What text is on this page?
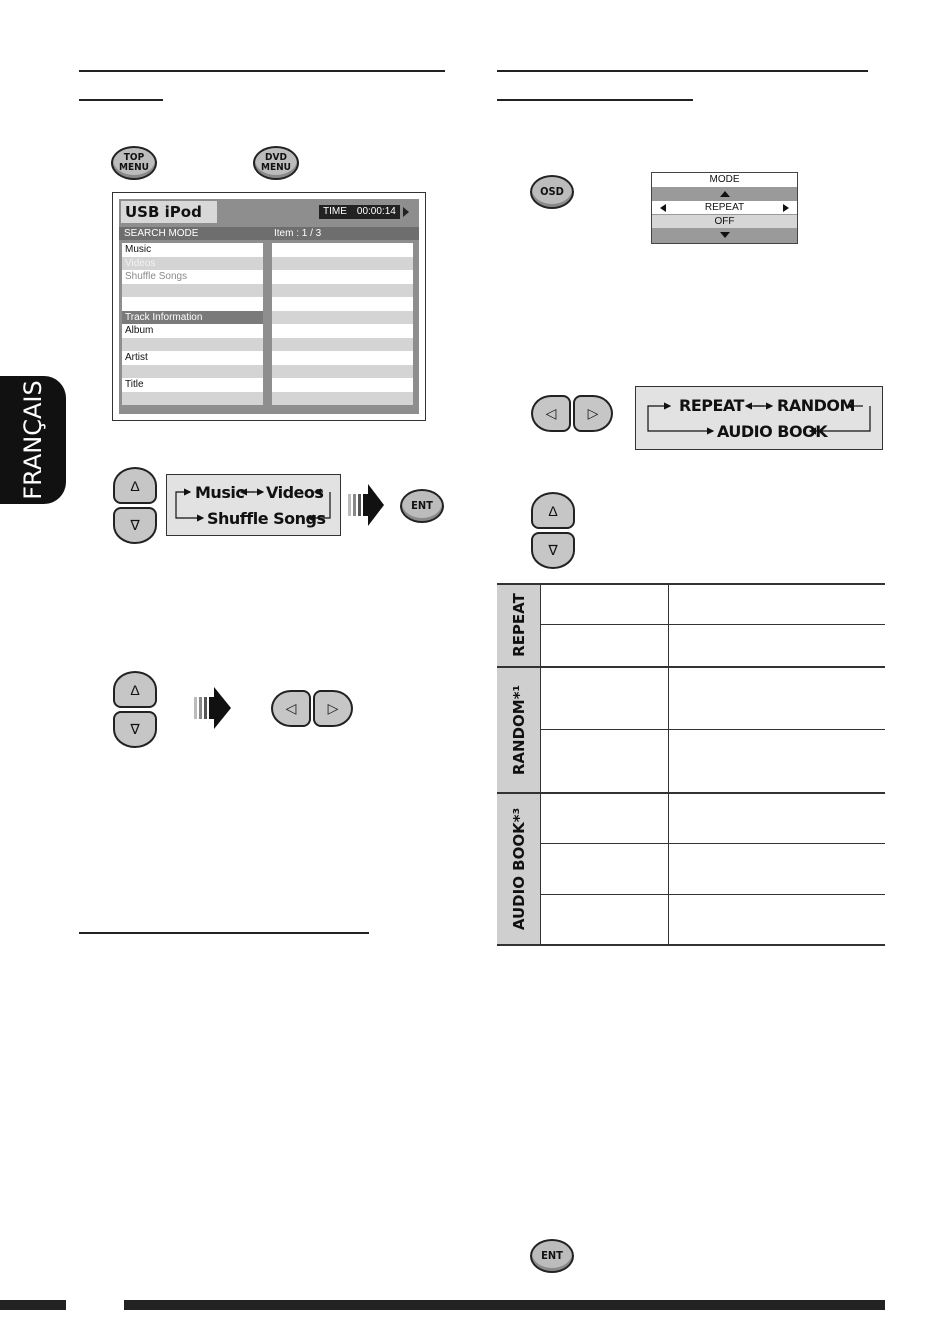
FRANÇAIS
TOP
MENU
DVD
MENU
USB iPod	TIME 00:00:14
SEARCH MODE	Item : 1 / 3
Music
Videos
Shuffle Songs
Track Information
Album
Artist
Title
Δ
∇
Music Videos
Shuffle Songs
ENT
Δ
∇
◁ ▷
OSD
MODE
REPEAT
OFF
◁ ▷	REPEAT RANDOM
AUDIO BOOK
Δ
∇
REPEAT
RANDOM*¹
AUDIO BOOK*³
ENT
